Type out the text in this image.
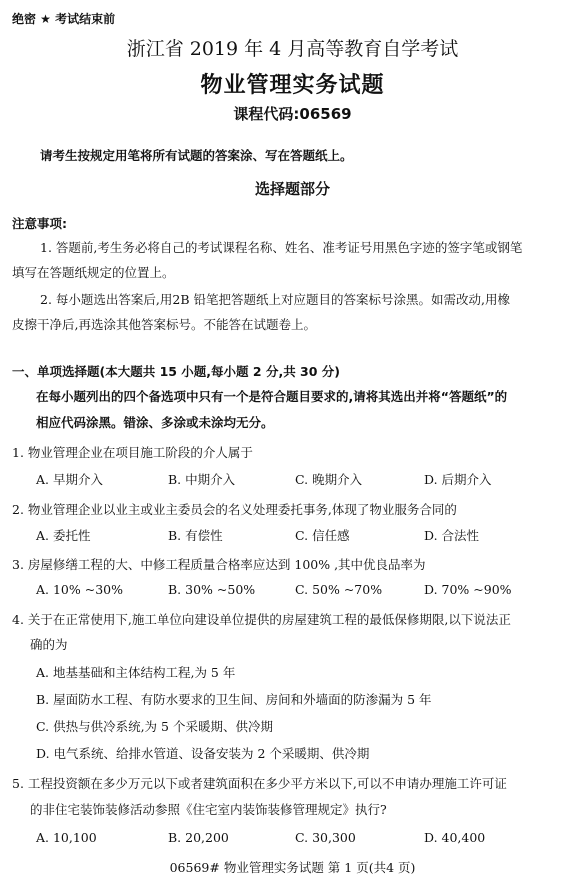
绝密 ★ 考试结束前
浙江省 2019 年 4 月高等教育自学考试
物业管理实务试题
课程代码:06569
请考生按规定用笔将所有试题的答案涂、写在答题纸上。
选择题部分
注意事项:
1. 答题前,考生务必将自己的考试课程名称、姓名、准考证号用黑色字迹的签字笔或钢笔
填写在答题纸规定的位置上。
2. 每小题选出答案后,用2B 铅笔把答题纸上对应题目的答案标号涂黑。如需改动,用橡
皮擦干净后,再选涂其他答案标号。不能答在试题卷上。
一、单项选择题(本大题共 15 小题,每小题 2 分,共 30 分)
在每小题列出的四个备选项中只有一个是符合题目要求的,请将其选出并将“答题纸”的
相应代码涂黑。错涂、多涂或未涂均无分。
1. 物业管理企业在项目施工阶段的介人属于
A. 早期介入	B. 中期介入	C. 晚期介入	D. 后期介入
2. 物业管理企业以业主或业主委员会的名义处理委托事务,体现了物业服务合同的
A. 委托性	B. 有偿性	C. 信任感	D. 合法性
3. 房屋修缮工程的大、中修工程质量合格率应达到 100% ,其中优良品率为
A. 10% ~30%	B. 30% ~50%	C. 50% ~70%	D. 70% ~90%
4. 关于在正常使用下,施工单位向建设单位提供的房屋建筑工程的最低保修期限,以下说法正
确的为
A. 地基基础和主体结构工程,为 5 年
B. 屋面防水工程、有防水要求的卫生间、房间和外墙面的防渗漏为 5 年
C. 供热与供冷系统,为 5 个采暖期、供冷期
D. 电气系统、给排水管道、设备安装为 2 个采暖期、供冷期
5. 工程投资额在多少万元以下或者建筑面积在多少平方米以下,可以不申请办理施工许可证
的非住宅装饰装修活动参照《住宅室内装饰装修管理规定》执行?
A. 10,100	B. 20,200	C. 30,300	D. 40,400
06569# 物业管理实务试题 第 1 页(共4 页)
